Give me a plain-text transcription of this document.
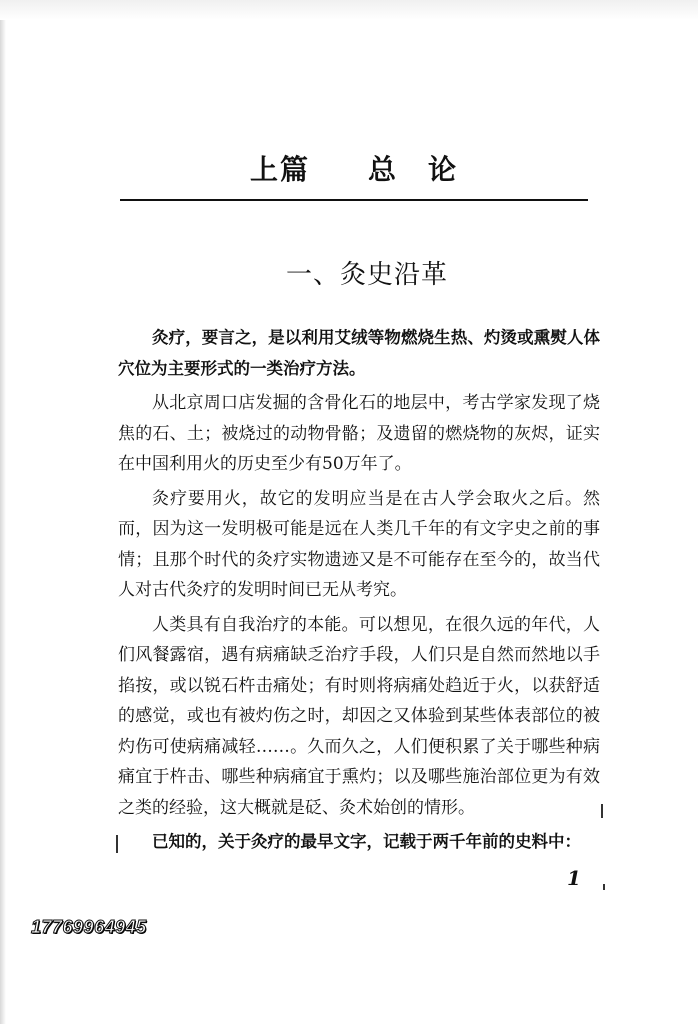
上篇 总　论
一、灸史沿革

灸疗，要言之，是以利用艾绒等物燃烧生热、灼烫或熏熨人体穴位为主要形式的一类治疗方法。

从北京周口店发掘的含骨化石的地层中，考古学家发现了烧焦的石、土；被烧过的动物骨骼；及遗留的燃烧物的灰烬，证实在中国利用火的历史至少有50万年了。

灸疗要用火，故它的发明应当是在古人学会取火之后。然而，因为这一发明极可能是远在人类几千年的有文字史之前的事情；且那个时代的灸疗实物遗迹又是不可能存在至今的，故当代人对古代灸疗的发明时间已无从考究。

人类具有自我治疗的本能。可以想见，在很久远的年代，人们风餐露宿，遇有病痛缺乏治疗手段，人们只是自然而然地以手掐按，或以锐石杵击痛处；有时则将病痛处趋近于火，以获舒适的感觉，或也有被灼伤之时，却因之又体验到某些体表部位的被灼伤可使病痛减轻……。久而久之，人们便积累了关于哪些种病痛宜于杵击、哪些种病痛宜于熏灼；以及哪些施治部位更为有效之类的经验，这大概就是砭、灸术始创的情形。

已知的，关于灸疗的最早文字，记载于两千年前的史料中：

1
17769964945
